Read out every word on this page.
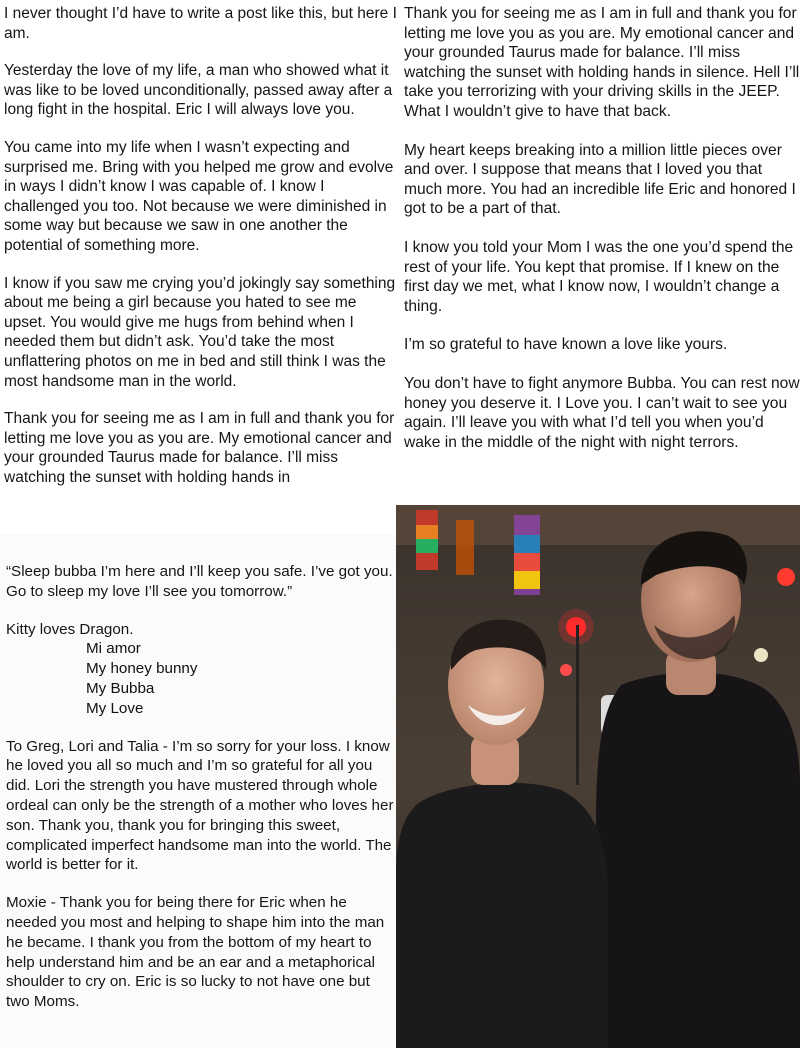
I never thought I’d have to write a post like this, but here I am.

Yesterday the love of my life, a man who showed what it was like to be loved unconditionally, passed away after a long fight in the hospital. Eric I will always love you.

You came into my life when I wasn’t expecting and surprised me. Bring with you helped me grow and evolve in ways I didn’t know I was capable of. I know I challenged you too. Not because we were diminished in some way but because we saw in one another the potential of something more.

I know if you saw me crying you’d jokingly say something about me being a girl because you hated to see me upset. You would give me hugs from behind when I needed them but didn’t ask. You’d take the most unflattering photos on me in bed and still think I was the most handsome man in the world.

Thank you for seeing me as I am in full and thank you for letting me love you as you are. My emotional cancer and your grounded Taurus made for balance. I’ll miss watching the sunset with holding hands in

Thank you for seeing me as I am in full and thank you for letting me love you as you are. My emotional cancer and your grounded Taurus made for balance. I’ll miss watching the sunset with holding hands in silence. Hell I’ll take you terrorizing with your driving skills in the JEEP. What I wouldn’t give to have that back.

My heart keeps breaking into a million little pieces over and over. I suppose that means that I loved you that much more. You had an incredible life Eric and honored I got to be a part of that.

I know you told your Mom I was the one you’d spend the rest of your life. You kept that promise. If I knew on the first day we met, what I know now, I wouldn’t change a thing.

I’m so grateful to have known a love like yours.

You don’t have to fight anymore Bubba. You can rest now honey you deserve it. I Love you. I can’t wait to see you again. I’ll leave you with what I’d tell you when you’d wake in the middle of the night with night terrors.

“Sleep bubba I’m here and I’ll keep you safe. I’ve got you. Go to sleep my love I’ll see you tomorrow.”

Kitty loves Dragon.

Mi amor

My honey bunny

My Bubba

My Love

To Greg, Lori and Talia - I’m so sorry for your loss. I know he loved you all so much and I’m so grateful for all you did. Lori the strength you have mustered through whole ordeal can only be the strength of a mother who loves her son. Thank you, thank you for bringing this sweet, complicated imperfect handsome man into the world. The world is better for it.

Moxie - Thank you for being there for Eric when he needed you most and helping to shape him into the man he became. I thank you from the bottom of my heart to help understand him and be an ear and a metaphorical shoulder to cry on. Eric is so lucky to not have one but two Moms.
